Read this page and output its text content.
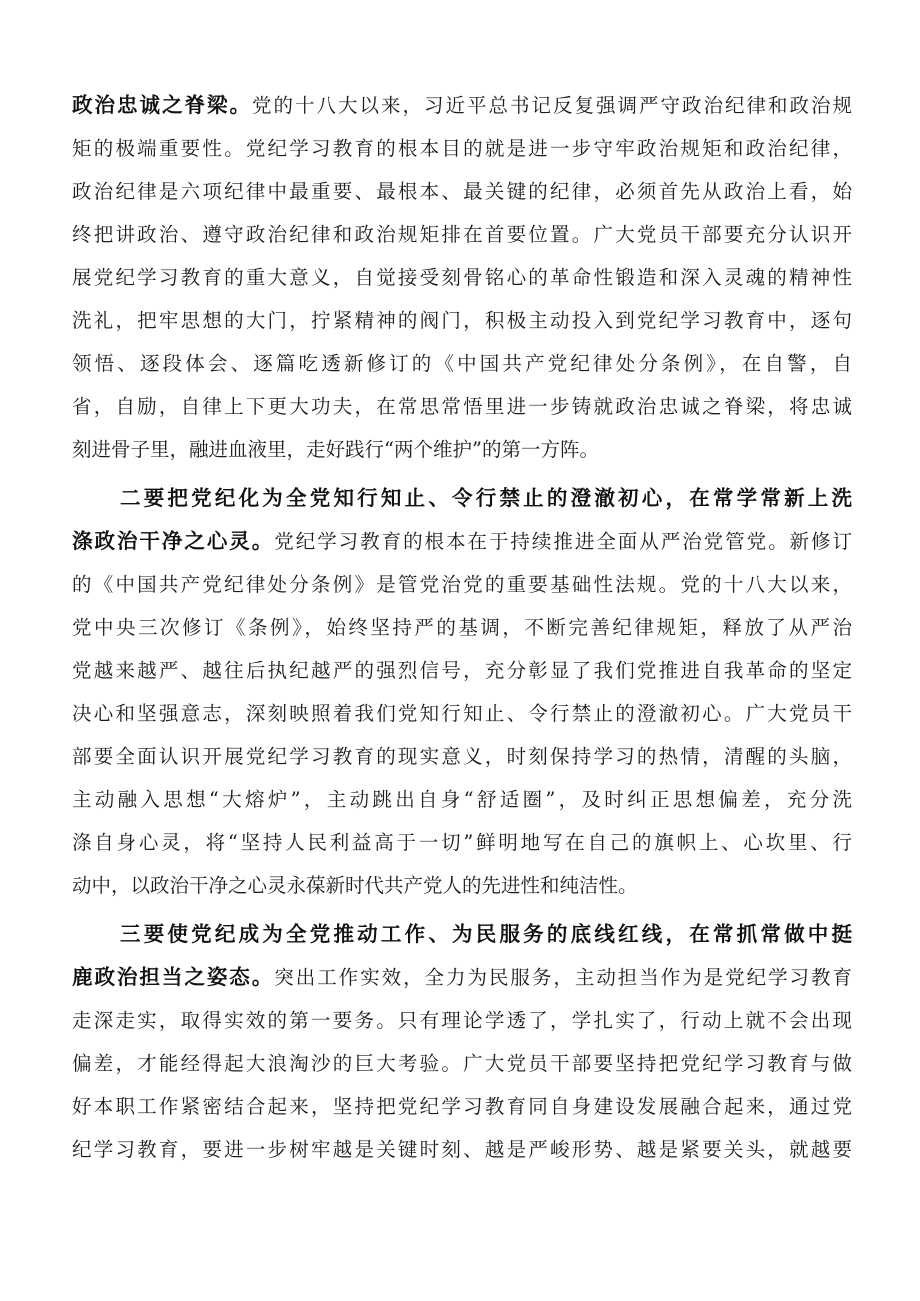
政治忠诚之脊梁。党的十八大以来，习近平总书记反复强调严守政治纪律和政治规
矩的极端重要性。党纪学习教育的根本目的就是进一步守牢政治规矩和政治纪律，
政治纪律是六项纪律中最重要、最根本、最关键的纪律，必须首先从政治上看，始
终把讲政治、遵守政治纪律和政治规矩排在首要位置。广大党员干部要充分认识开
展党纪学习教育的重大意义，自觉接受刻骨铭心的革命性锻造和深入灵魂的精神性
洗礼，把牢思想的大门，拧紧精神的阀门，积极主动投入到党纪学习教育中，逐句
领悟、逐段体会、逐篇吃透新修订的《中国共产党纪律处分条例》，在自警，自
省，自励，自律上下更大功夫，在常思常悟里进一步铸就政治忠诚之脊梁，将忠诚
刻进骨子里，融进血液里，走好践行“两个维护”的第一方阵。
二要把党纪化为全党知行知止、令行禁止的澄澈初心，在常学常新上洗
涤政治干净之心灵。党纪学习教育的根本在于持续推进全面从严治党管党。新修订
的《中国共产党纪律处分条例》是管党治党的重要基础性法规。党的十八大以来，
党中央三次修订《条例》，始终坚持严的基调，不断完善纪律规矩，释放了从严治
党越来越严、越往后执纪越严的强烈信号，充分彰显了我们党推进自我革命的坚定
决心和坚强意志，深刻映照着我们党知行知止、令行禁止的澄澈初心。广大党员干
部要全面认识开展党纪学习教育的现实意义，时刻保持学习的热情，清醒的头脑，
主动融入思想“大熔炉”，主动跳出自身“舒适圈”，及时纠正思想偏差，充分洗
涤自身心灵，将“坚持人民利益高于一切”鲜明地写在自己的旗帜上、心坎里、行
动中，以政治干净之心灵永葆新时代共产党人的先进性和纯洁性。
三要使党纪成为全党推动工作、为民服务的底线红线，在常抓常做中挺
鹿政治担当之姿态。突出工作实效，全力为民服务，主动担当作为是党纪学习教育
走深走实，取得实效的第一要务。只有理论学透了，学扎实了，行动上就不会出现
偏差，才能经得起大浪淘沙的巨大考验。广大党员干部要坚持把党纪学习教育与做
好本职工作紧密结合起来，坚持把党纪学习教育同自身建设发展融合起来，通过党
纪学习教育，要进一步树牢越是关键时刻、越是严峻形势、越是紧要关头，就越要
